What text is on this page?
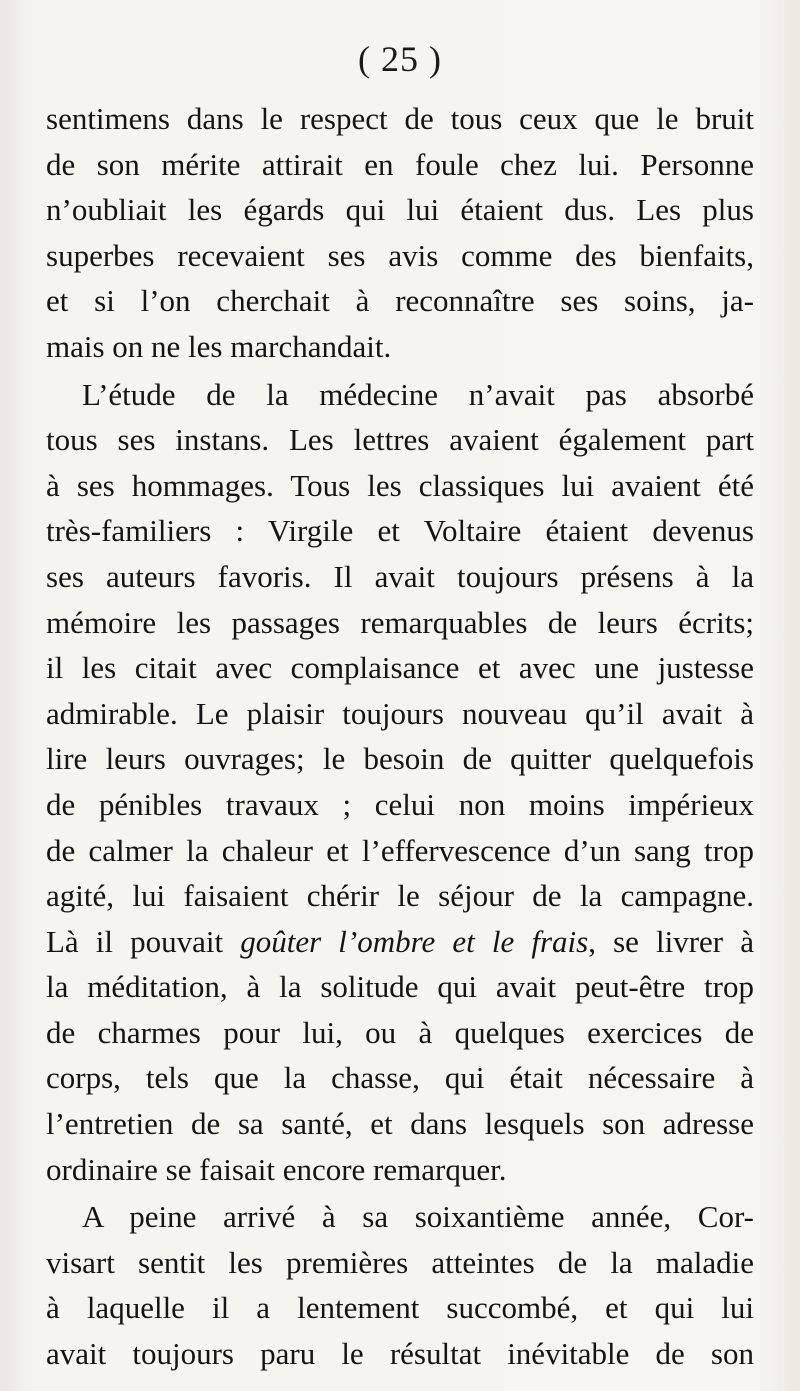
( 25 )
sentimens dans le respect de tous ceux que le bruit
de son mérite attirait en foule chez lui. Personne
n’oubliait les égards qui lui étaient dus. Les plus
superbes recevaient ses avis comme des bienfaits,
et si l’on cherchait à reconnaître ses soins, ja-
mais on ne les marchandait.
L’étude de la médecine n’avait pas absorbé
tous ses instans. Les lettres avaient également part
à ses hommages. Tous les classiques lui avaient été
très-familiers : Virgile et Voltaire étaient devenus
ses auteurs favoris. Il avait toujours présens à la
mémoire les passages remarquables de leurs écrits;
il les citait avec complaisance et avec une justesse
admirable. Le plaisir toujours nouveau qu’il avait à
lire leurs ouvrages; le besoin de quitter quelquefois
de pénibles travaux ; celui non moins impérieux
de calmer la chaleur et l’effervescence d’un sang trop
agité, lui faisaient chérir le séjour de la campagne.
Là il pouvait goûter l’ombre et le frais, se livrer à
la méditation, à la solitude qui avait peut-être trop
de charmes pour lui, ou à quelques exercices de
corps, tels que la chasse, qui était nécessaire à
l’entretien de sa santé, et dans lesquels son adresse
ordinaire se faisait encore remarquer.
A peine arrivé à sa soixantième année, Cor-
visart sentit les premières atteintes de la maladie
à laquelle il a lentement succombé, et qui lui
avait toujours paru le résultat inévitable de son
